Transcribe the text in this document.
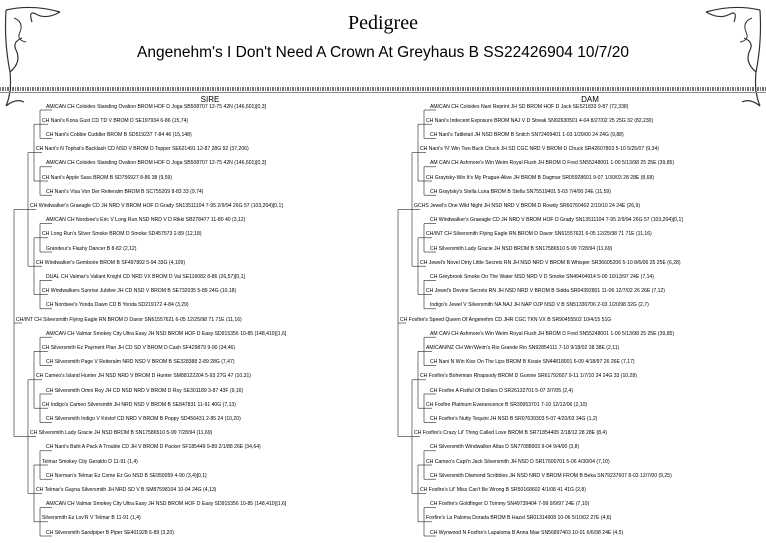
Pedigree
Angenehm's I Don't Need A Crown At Greyhaus B SS22426904 10/7/20
SIRE	DAM
AM/CAN CH Colsidex Standing Ovation BROM HOF D Joga SB508707 12-75 42N (146,601)[0,3]
CH Nani's Kona Gust CD TD V BROM D SE197934 6-86 (15,74)
CH Nani's Cobbie Cuddler BROM B SD519237 7-84 46 (15,148)
CH Nani's N Tophat's Backlash CD NSD V BROM D Topper SE621491 12-87 28G 92 (37,206)
AM/CAN CH Colsidex Standing Ovation BROM HOF D Joga SB508707 12-75 42N (146,601)[0,3]
CH Nani's Apple Sass BROM B SD756927 8-86 38 (9,59)
CH Nani's Visa Von Der Reiteralm BROM B SC755209 8-83 33 (9,74)
CH Windwalker's Graeagle CD JH NRD V BROM HOF D Grady SN13511104 7-95 2/9/94 26G 57 (103,204)[0,1]
AM/CAN CH Nordsee's Eric V Long Run NSD NRD V D Rikki SB278477 11-80 40 (3,12)
CH Long Run's Silver Smoke BROM D Smoke SD457573 2-89 (12,18)
Grandeur's Flashy Dancer B 8-82 (2,12)
CH Windwalker's Gemborie BROM B SF497892 5-94 33G (4,109)
DUAL CH Valmar's Valiant Knight CD NRD VX BROM D Val SE116082 8-86 (26,57)[0,1]
CH Windwalkers Sunrise Jubilee JH CD NSD V BROM B SE732035 5-89 24G (10,18)
CH Nordsee's Yonda Dawn CD B Yonda SD219172 4-84 (3,29)
CH/INT CH Silversmith Flying Eagle RN BROM D Davor SN61557621 6-05 12/25/98 71 71E (11,16)
AM/CAN CH Valmar Smokey City Ultra Easy JH NSD BROM HOF D Easy SD915356 10-85 (148,410)[1,6]
CH Silversmith Ez Payment Plan JH CD SD V BROM D Cash SF429879 9-90 (34,46)
CH Silversmith Page V Reiteralm NRD NSD V BROM B SE328388 2-89 28G (7,47)
CH Cameo's Island Hunter JH NSD NRD V BROM D Hunter SM88122204 5-93 27G 47 (10,31)
CH Silversmith Omni Roy JH CD NSD NRD V BROM D Roy SE301189 3-87 43F (9,16)
CH Indigo's Cameo Silversmith JH NRD NSD V BROM B SE847831 11-91 40G (7,13)
CH Silversmith Indigo V Kristof CD NRD V BROM B Poppy SD456431 2-85 24 (10,20)
CH Silversmith Lady Gracie JH NSD BROM B SN17586510 5-99 7/28/94 (11,69)
CH Nani's Baht A Pack A Trouble CD JH V BROM D Packer SF185449 9-89 2/1/88 26E (34,64)
Telmar Smokey City Geraldo D 11-91 (1,4)
CH Norman's Telmar Ez Come Ez Go NSD B SE950059 4-90 (3,4)[0,1]
CH Telmar's Gayna Silversmith JH NRD SD V B SM87598104 10-94 24G (4,13)
AM/CAN CH Valmar Smokey City Ultra Easy JH NSD BROM HOF D Easy SD915356 10-85 (148,410)[1,6]
Silversmith Ez Lov'R V Telmar B 11-91 (1,4)
CH Silversmith Sandpiper B Piper SE401928 6-89 (3,20)
AM/CAN CH Colsidex Nani Reprint JH SD BROM HOF D Jack SE521833 9-87 (72,338)
CH Nani's Indecent Exposure BROM NAJ V D Streak SN92630501 4-04 8/27/02 25 25G 32 (82,230)
CH Nani's Tattletail JH NSD BROM B Snitch SN72409401 1-03 1/29/00 24 24G (9,88)
CH Nani's 'N' Win Two Buck Chuck JH SD CGC NRD V BROM D Chuck SR42607803 5-10 5/25/07 (9,34)
AM CAN CH Ashmore's Win Weim Royal Flush JH BROM D Fred SN55248001 1-00 5/13/98 25 25E (39,85)
CH Graytsky-Win It's My Prague-Alive JH BROM B Dagmar SR05928601 9-07 1/30/03 28 28E (8,68)
CH Graytsky's Stella Luna BROM B Stella SN75519401 5-03 7/4/00 24E (11,59)
GCHS Jewel's One Wild Night JH NSD NRD V BROM D Rowdy SR60760402 2/10/10 24 24E (26,9)
CH Windwalker's Graeagle CD JH NRD V BROM HOF D Grady SN13511104 7-95 2/9/94 26G 57 (103,204)[0,1]
CH/INT CH Silversmith Flying Eagle RN BROM D Davor SN61557621 6-05 12/25/98 71 71E (11,16)
CH Silversmith Lady Gracie JH NSD BROM B SN17586510 5-99 7/28/94 (11,69)
CH Jewel's Novel Dirty Little Secrets RN JH NSD NRD V BROM B Whisper SR36605206 5-10 8/6/06 25 25E (6,28)
CH Greybrook Smoke On The Water NSD NRD V D Smoke SN49404914 5-00 10/13/97 24E (7,14)
CH Jewel's Devine Secrets RN JH NSD NRD V BROM B Sidda SR04392801 11-06 12/7/02 26 26E (7,12)
Indigo's Jewel V Silversmith NA NAJ JH NAP OJP NSD V B SN51330706 2-03 1/20/98 32G (2,7)
CH Foxfire's Speed Queen Of Angenehm CD JHR CGC TKN VX B SR90455502 10/4/15 51G
AM CAN CH Ashmore's Win Weim Royal Flush JH BROM D Fred SN55248001 1-00 5/13/98 25 25E (39,85)
AM/CAN/NZ CH Win'Weim's Rio Grande Rio SN92854111 7-10 9/18/02 38 38E (2,11)
CH Nani N Win Kiss On The Lips BROM B Kissie SN44818001 6-00 4/18/97 26 26E (7,17)
CH Foxfire's Bohemian Rhapsody BROM D Gunnie SR61792607 9-11 1/7/10 24 24G 33 (10,28)
CH Foxfire A Fistful Of Dollars D SR26132701 5-07 3/7/05 (2,4)
CH Foxfire Platinum Evanescence B SR39953701 7-10 12/12/06 (2,10)
CH Foxfire's Nutty Tequini JH NSD B SR07639303 5-07 4/20/03 34G (1,2)
CH Foxfire's Crazy Lil' Thing Called Love BROM B SR71854405 2/18/12 28 28E (8,4)
CH Silversmith Windwalker Atlas D SN77088903 9-04 9/4/00 (3,8)
CH Cameo's Capt'n Jack Silversmith JH NSD D SR17600701 5-06 4/30/04 (7,10)
CH Silversmith Diamond Scribbles JH NSD NRD V BROM FROM B Beka SN79237607 8-03 12/7/00 (9,25)
CH Foxfire's Lil' Miss Can't Be Wrong B SR50168602 4/1/08 41 41G (2,8)
CH Foxfire's Goldfinger D Tommy SN49739404 7-99 9/9/97 24E (7,10)
Foxfire's La Paloma Dorada BROM B Hazel SR01314908 10-06 5/10/02 27E (4,6)
CH Wynwood N Foxfire's Lapaloma B Anna Mae SN56897403 10-01 6/6/98 24E (4,5)
